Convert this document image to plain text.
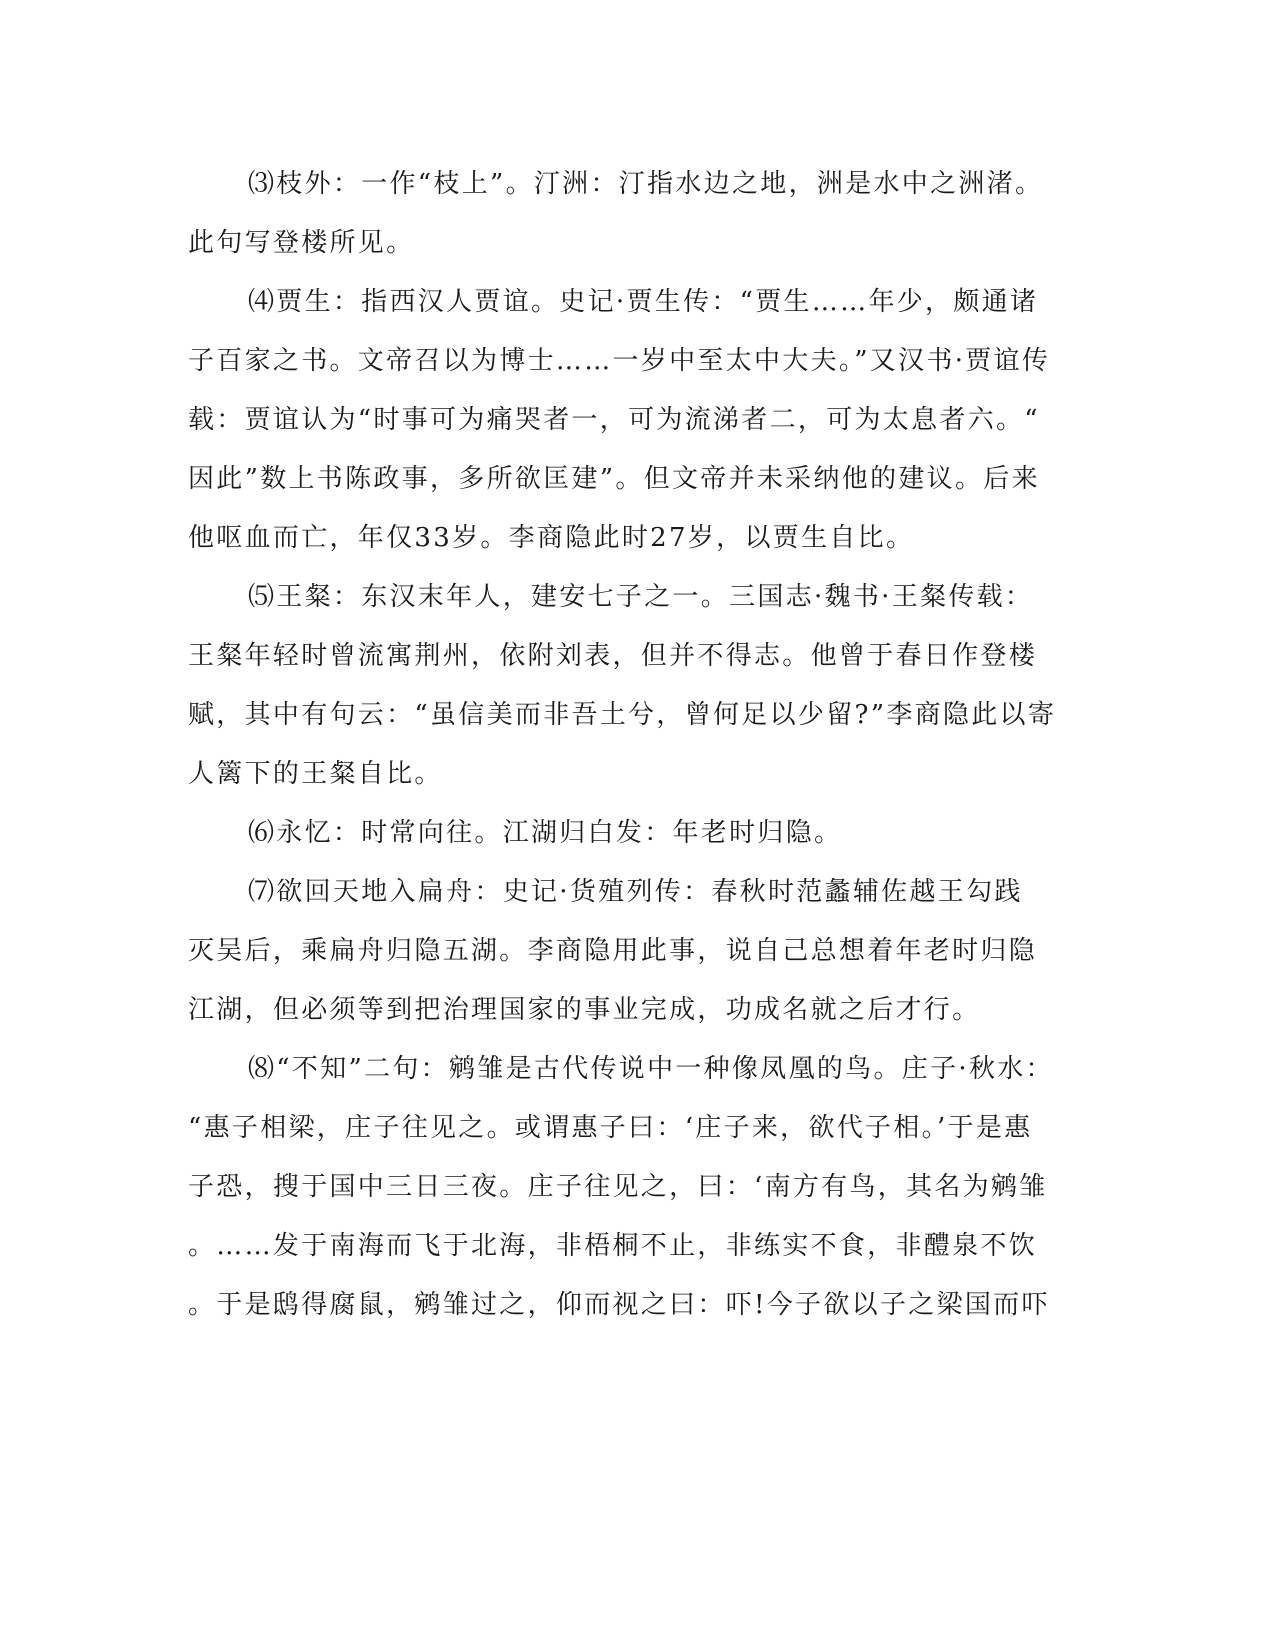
⑶枝外：一作“枝上”。汀洲：汀指水边之地，洲是水中之洲渚。
此句写登楼所见。

⑷贾生：指西汉人贾谊。史记·贾生传：“贾生……年少，颇通诸
子百家之书。文帝召以为博士……一岁中至太中大夫。”又汉书·贾谊传
载：贾谊认为“时事可为痛哭者一，可为流涕者二，可为太息者六。“
因此”数上书陈政事，多所欲匡建”。但文帝并未采纳他的建议。后来
他呕血而亡，年仅33岁。李商隐此时27岁，以贾生自比。

⑸王粲：东汉末年人，建安七子之一。三国志·魏书·王粲传载：
王粲年轻时曾流寓荆州，依附刘表，但并不得志。他曾于春日作登楼
赋，其中有句云：“虽信美而非吾土兮，曾何足以少留?”李商隐此以寄
人篱下的王粲自比。

⑹永忆：时常向往。江湖归白发：年老时归隐。

⑺欲回天地入扁舟：史记·货殖列传：春秋时范蠡辅佐越王勾践
灭吴后，乘扁舟归隐五湖。李商隐用此事，说自己总想着年老时归隐
江湖，但必须等到把治理国家的事业完成，功成名就之后才行。

⑻“不知”二句：鹓雏是古代传说中一种像凤凰的鸟。庄子·秋水：
“惠子相梁，庄子往见之。或谓惠子曰：‘庄子来，欲代子相。’于是惠
子恐，搜于国中三日三夜。庄子往见之，曰：‘南方有鸟，其名为鹓雏
。……发于南海而飞于北海，非梧桐不止，非练实不食，非醴泉不饮
。于是鸱得腐鼠，鹓雏过之，仰而视之曰：吓!今子欲以子之梁国而吓
